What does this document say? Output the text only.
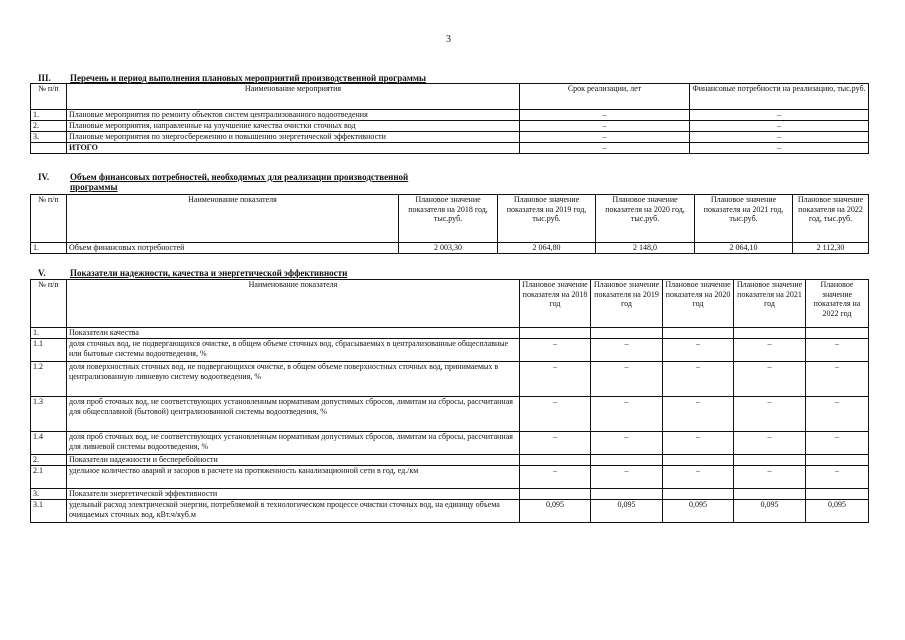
3
III. Перечень и период выполнения плановых мероприятий производственной программы
№ п/п	Наименование мероприятия	Срок реализации, лет	Финансовые потребности на реализацию, тыс.руб.
1.	Плановые мероприятия по ремонту объектов систем централизованного водоотведения	–	–
2.	Плановые мероприятия, направленные на улучшение качества очистки сточных вод	–	–
3.	Плановые мероприятия по энергосбережению и повышению энергетической эффективности	–	–
	ИТОГО	–	–
IV. Объем финансовых потребностей, необходимых для реализации производственной
программы
№ п/п	Наименование показателя	Плановое значение показателя на 2018 год, тыс.руб.	Плановое значение показателя на 2019 год, тыс.руб.	Плановое значение показателя на 2020 год, тыс.руб.	Плановое значение показателя на 2021 год, тыс.руб.	Плановое значение показателя на 2022 год, тыс.руб.
1.	Объем финансовых потребностей	2 003,30	2 064,80	2 148,0	2 064,10	2 112,30
V.	Показатели надежности, качества и энергетической эффективности
№ п/п	Наименование показателя	Плановое значение показателя на 2018 год	Плановое значение показателя на 2019 год	Плановое значение показателя на 2020 год	Плановое значение показателя на 2021 год	Плановое значение показателя на 2022 год
1.	Показатели качества					
1.1	доля сточных вод, не подвергающихся очистке, в общем объеме сточных вод, сбрасываемых в централизованные общесплавные или бытовые системы водоотведения, %	–	–	–	–	–
1.2	доля поверхностных сточных вод, не подвергающихся очистке, в общем объеме поверхностных сточных вод, принимаемых в централизованную ливневую систему водоотведения, %	–	–	–	–	–
1.3	доля проб сточных вод, не соответствующих установленным нормативам допустимых сбросов, лимитам на сбросы, рассчитанная для общесплавной (бытовой) централизованной системы водоотведения, %	–	–	–	–	–
1.4	доля проб сточных вод, не соответствующих установленным нормативам допустимых сбросов, лимитам на сбросы, рассчитанная для ливневой системы водоотведения, %	–	–	–	–	–
2.	Показатели надежности и бесперебойности					
2.1	удельное количество аварий и засоров в расчете на протяженность канализационной сети в год, ед./км	–	–	–	–	–
3.	Показатели энергетической эффективности					
3.1	удельный расход электрической энергии, потребляемой в технологическом процессе очистки сточных вод, на единицу объема очищаемых сточных вод, кВт.ч/куб.м	0,095	0,095	0,095	0,095	0,095
